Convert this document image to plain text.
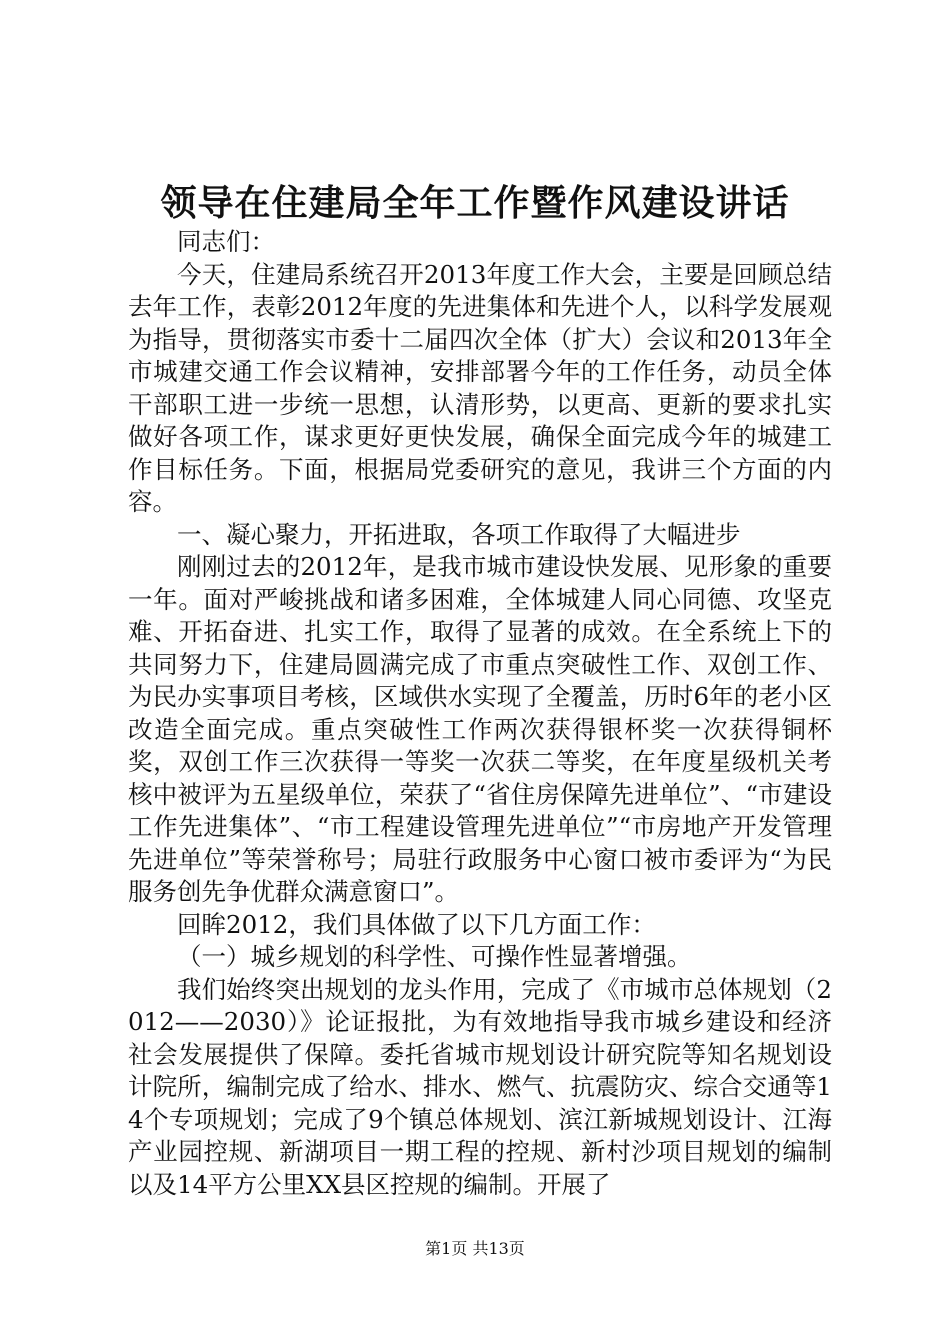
领导在住建局全年工作暨作风建设讲话

同志们：

今天，住建局系统召开2013年度工作大会，主要是回顾总结去年工作，表彰2012年度的先进集体和先进个人，以科学发展观为指导，贯彻落实市委十二届四次全体（扩大）会议和2013年全市城建交通工作会议精神，安排部署今年的工作任务，动员全体干部职工进一步统一思想，认清形势，以更高、更新的要求扎实做好各项工作，谋求更好更快发展，确保全面完成今年的城建工作目标任务。下面，根据局党委研究的意见，我讲三个方面的内容。

一、凝心聚力，开拓进取，各项工作取得了大幅进步

刚刚过去的2012年，是我市城市建设快发展、见形象的重要一年。面对严峻挑战和诸多困难，全体城建人同心同德、攻坚克难、开拓奋进、扎实工作，取得了显著的成效。在全系统上下的共同努力下，住建局圆满完成了市重点突破性工作、双创工作、为民办实事项目考核，区域供水实现了全覆盖，历时6年的老小区改造全面完成。重点突破性工作两次获得银杯奖一次获得铜杯奖，双创工作三次获得一等奖一次获二等奖，在年度星级机关考核中被评为五星级单位，荣获了“省住房保障先进单位”、“市建设工作先进集体”、“市工程建设管理先进单位”“市房地产开发管理先进单位”等荣誉称号；局驻行政服务中心窗口被市委评为“为民服务创先争优群众满意窗口”。

回眸2012，我们具体做了以下几方面工作：

（一）城乡规划的科学性、可操作性显著增强。

我们始终突出规划的龙头作用，完成了《市城市总体规划（2012——2030）》论证报批，为有效地指导我市城乡建设和经济社会发展提供了保障。委托省城市规划设计研究院等知名规划设计院所，编制完成了给水、排水、燃气、抗震防灾、综合交通等14个专项规划；完成了9个镇总体规划、滨江新城规划设计、江海产业园控规、新湖项目一期工程的控规、新村沙项目规划的编制以及14平方公里XX县区控规的编制。开展了

第1页 共13页
